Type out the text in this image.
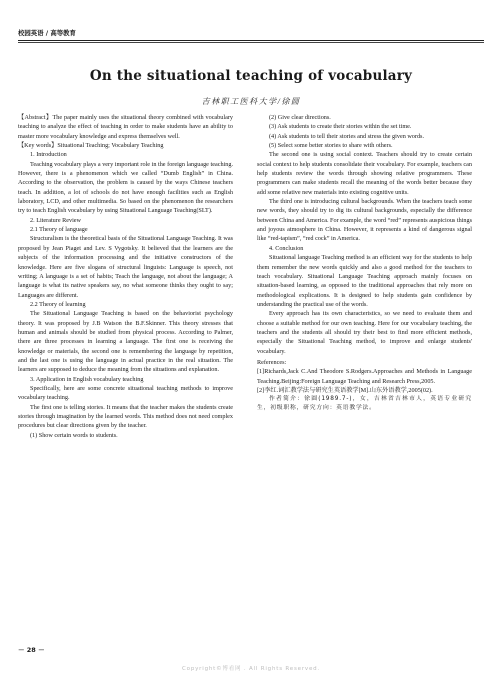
校园英语 / 高等教育
On the situational teaching of vocabulary
吉林职工医科大学/徐圆

【Abstract】The paper mainly uses the situational theory combined with vocabulary teaching to analyze the effect of teaching in order to make students have an ability to master more vocabulary knowledge and express themselves well.

【Key words】Situational Teaching; Vocabulary Teaching

1. Introduction

Teaching vocabulary plays a very important role in the foreign language teaching. However, there is a phenomenon which we called “Dumb English” in China. According to the observation, the problem is caused by the ways Chinese teachers teach. In addition, a lot of schools do not have enough facilities such as English laboratory, LCD, and other multimedia. So based on the phenomenon the researchers try to teach English vocabulary by using Situational Language Teaching(SLT).

2. Literature Review

2.1 Theory of language

Structuralism is the theoretical basis of the Situational Language Teaching. It was proposed by Jean Piaget and Lev. S Vygotsky. It believed that the learners are the subjects of the information processing and the initiative constructors of the knowledge. Here are five slogans of structural linguists: Language is speech, not writing; A language is a set of habits; Teach the language, not about the language; A language is what its native speakers say, no what someone thinks they ought to say; Languages are different.

2.2 Theory of learning

The Situational Language Teaching is based on the behaviorist psychology theory. It was proposed by J.B Watson the B.F.Skinner. This theory stresses that human and animals should be studied from physical process. According to Palmer, there are three processes in learning a language. The first one is receiving the knowledge or materials, the second one is remembering the language by repetition, and the last one is using the language in actual practice in the real situation. The learners are supposed to deduce the meaning from the situations and explanation.

3. Application in English vocabulary teaching

Specifically, here are some concrete situational teaching methods to improve vocabulary teaching.

The first one is telling stories. It means that the teacher makes the students create stories through imagination by the learned words. This method does not need complex procedures but clear directions given by the teacher.

(1) Show certain words to students.

(2) Give clear directions.

(3) Ask students to create their stories within the set time.

(4) Ask students to tell their stories and stress the given words.

(5) Select some better stories to share with others.

The second one is using social context. Teachers should try to create certain social context to help students consolidate their vocabulary. For example, teachers can help students review the words through showing relative programmers. These programmers can make students recall the meaning of the words better because they add some relative new materials into existing cognitive units.

The third one is introducing cultural backgrounds. When the teachers teach some new words, they should try to dig its cultural backgrounds, especially the difference between China and America. For example, the word “red” represents auspicious things and joyous atmosphere in China. However, it represents a kind of dangerous signal like “red-tapism”, “red cock” in America.

4. Conclusion

Situational language Teaching method is an efficient way for the students to help them remember the new words quickly and also a good method for the teachers to teach vocabulary. Situational Language Teaching approach mainly focuses on situation-based learning, as opposed to the traditional approaches that rely more on methodological explications. It is designed to help students gain confidence by understanding the practical use of the words.

Every approach has its own characteristics, so we need to evaluate them and choose a suitable method for our own teaching. Here for our vocabulary teaching, the teachers and the students all should try their best to find more efficient methods, especially the Situational Teaching method, to improve and enlarge students' vocabulary.

References:

[1]Richards,Jack C.And Theodore S.Rodgers.Approaches and Methods in Language Teaching.Beijing:Foreign Language Teaching and Research Press,2005.

[2]李红.词汇教学法与研究生英语教学[M].山东外语教学,2005(02).

作者简介：徐圆(1989.7-)，女，吉林省吉林市人，英语专业研究生，初级职称，研究方向：英语教学法。

－ 28 －
Copyright©博看网 . All Rights Reserved.
